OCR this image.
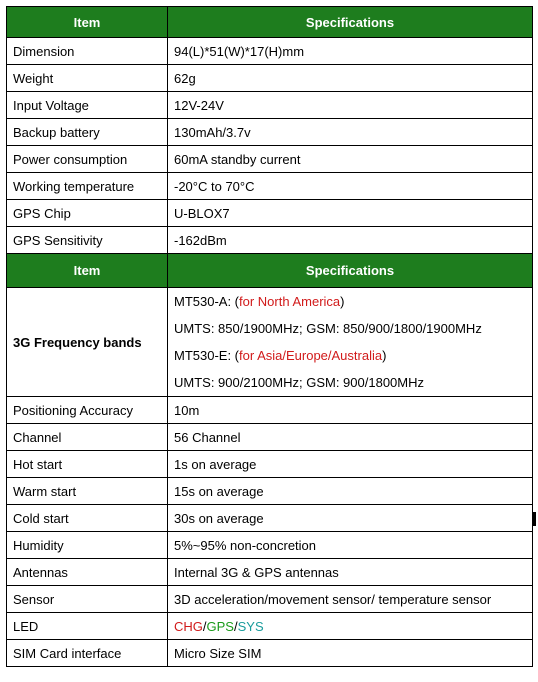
Item	Specifications
Dimension	94(L)*51(W)*17(H)mm
Weight	62g
Input Voltage	12V-24V
Backup battery	130mAh/3.7v
Power consumption	60mA standby current
Working temperature	-20°C to 70°C
GPS Chip	U-BLOX7
GPS Sensitivity	-162dBm
Item	Specifications
3G Frequency bands	MT530-A: (for North America)
UMTS: 850/1900MHz; GSM: 850/900/1800/1900MHz
MT530-E: (for Asia/Europe/Australia)
UMTS: 900/2100MHz; GSM: 900/1800MHz

Positioning Accuracy	10m
Channel	56 Channel
Hot start	1s on average
Warm start	15s on average
Cold start	30s on average
Humidity	5%~95% non-concretion
Antennas	Internal 3G & GPS antennas
Sensor	3D acceleration/movement sensor/ temperature sensor
LED	CHG/GPS/SYS
SIM Card interface	Micro Size SIM
